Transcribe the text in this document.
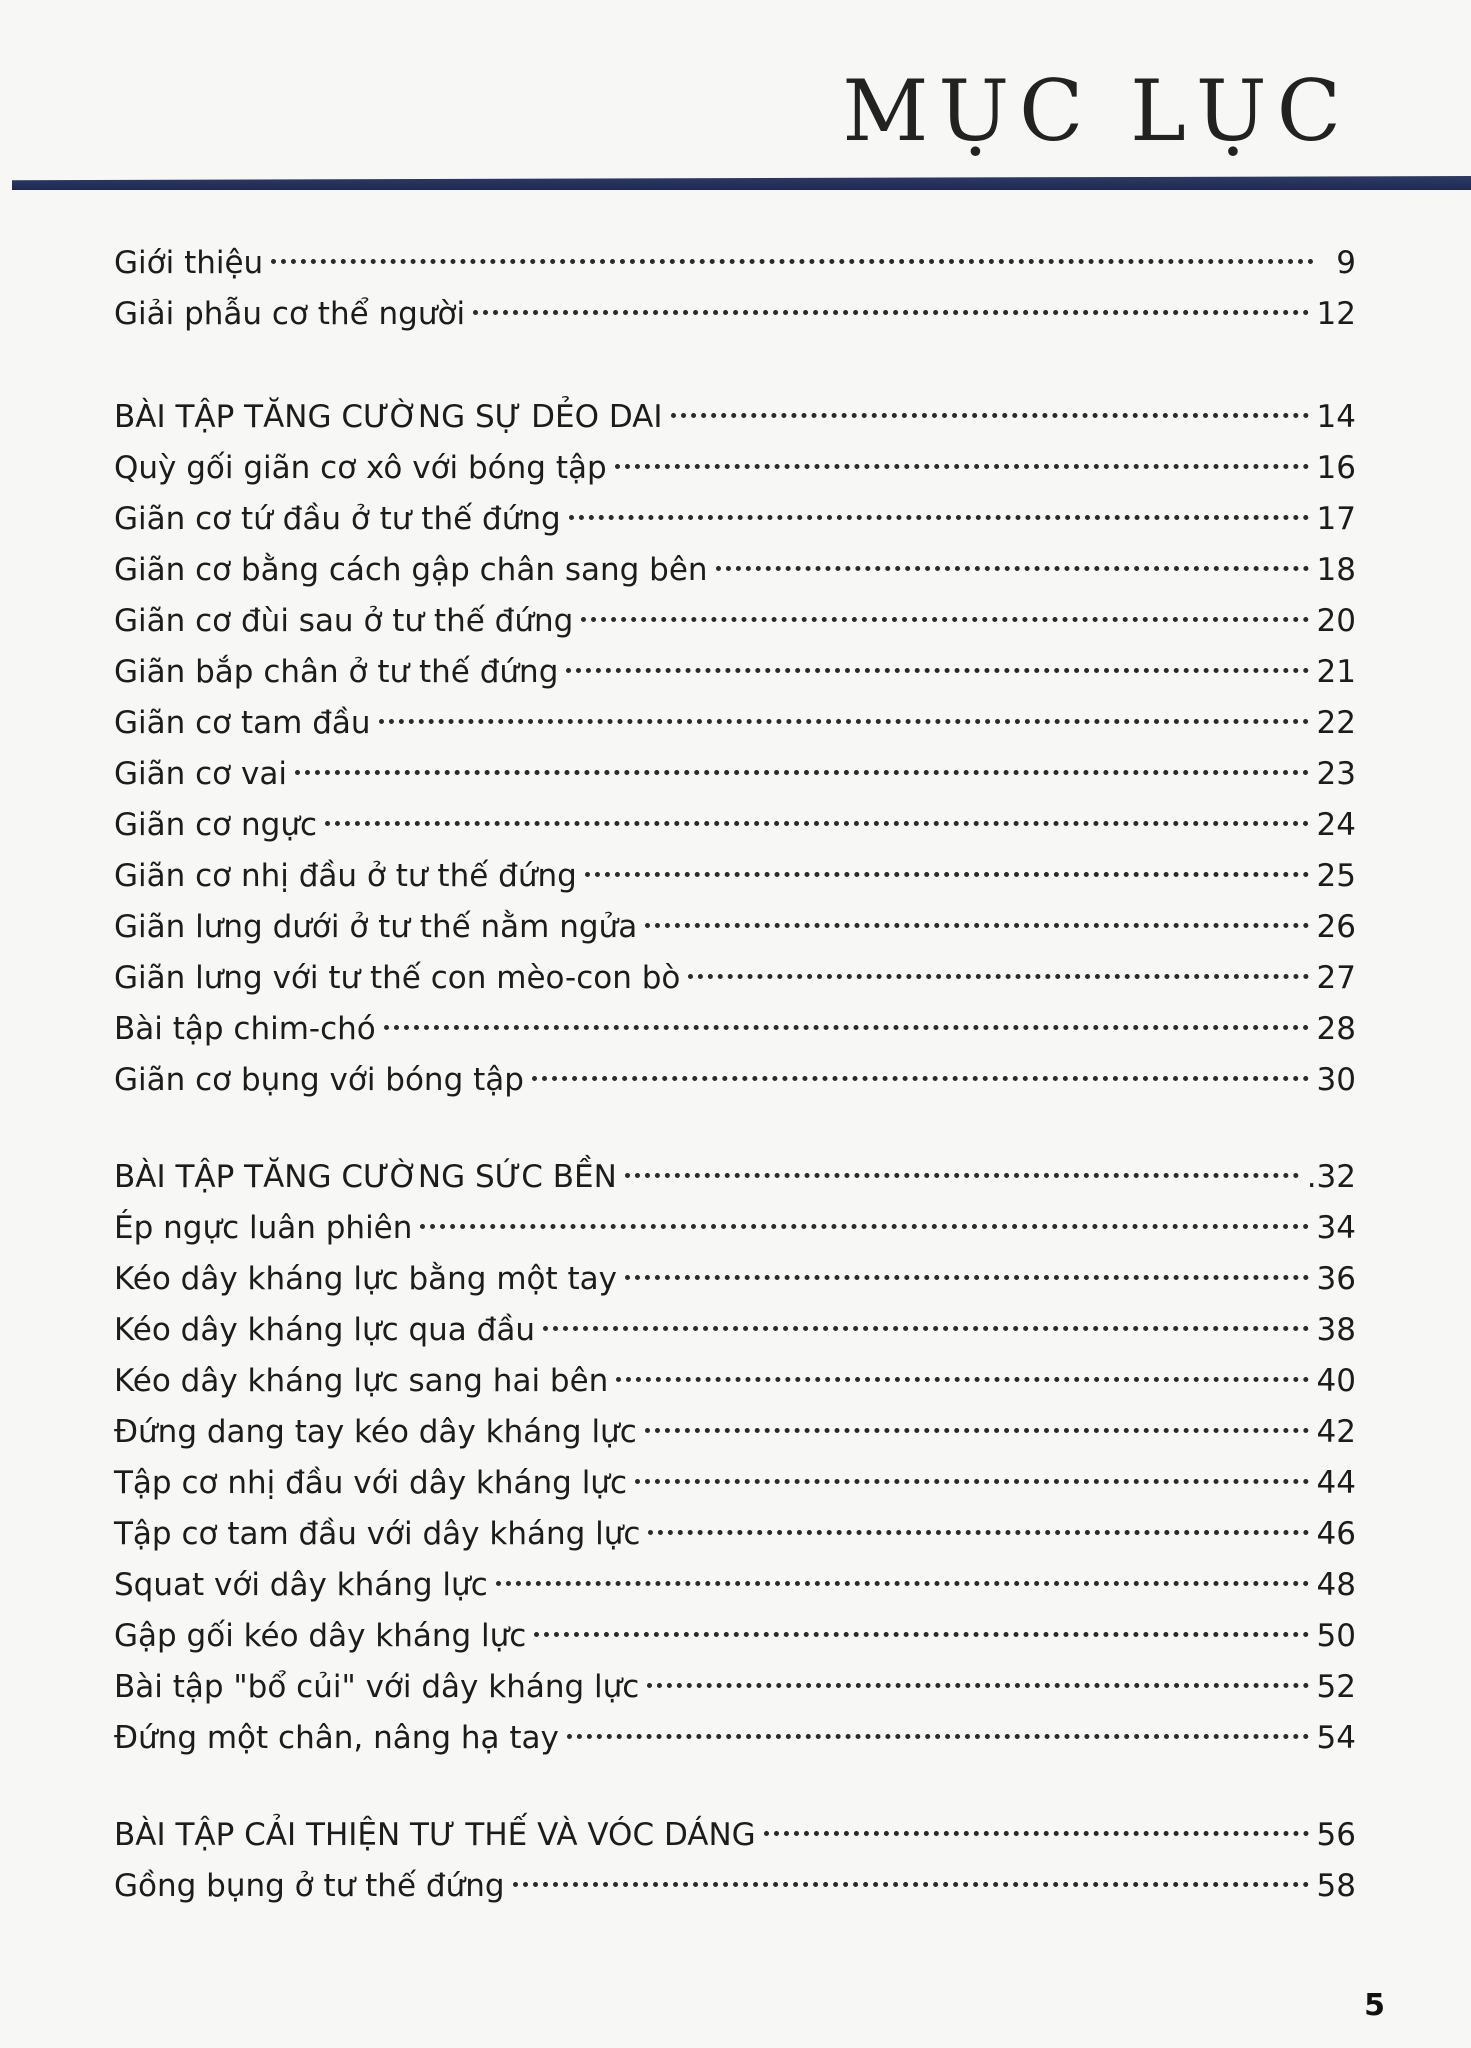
MỤC LỤC
Giới thiệu	9
Giải phẫu cơ thể người	12
BÀI TẬP TĂNG CƯỜNG SỰ DẺO DAI	14
Quỳ gối giãn cơ xô với bóng tập	16
Giãn cơ tứ đầu ở tư thế đứng	17
Giãn cơ bằng cách gập chân sang bên	18
Giãn cơ đùi sau ở tư thế đứng	20
Giãn bắp chân ở tư thế đứng	21
Giãn cơ tam đầu	22
Giãn cơ vai	23
Giãn cơ ngực	24
Giãn cơ nhị đầu ở tư thế đứng	25
Giãn lưng dưới ở tư thế nằm ngửa	26
Giãn lưng với tư thế con mèo-con bò	27
Bài tập chim-chó	28
Giãn cơ bụng với bóng tập	30
BÀI TẬP TĂNG CƯỜNG SỨC BỀN	.32
Ép ngực luân phiên	34
Kéo dây kháng lực bằng một tay	36
Kéo dây kháng lực qua đầu	38
Kéo dây kháng lực sang hai bên	40
Đứng dang tay kéo dây kháng lực	42
Tập cơ nhị đầu với dây kháng lực	44
Tập cơ tam đầu với dây kháng lực	46
Squat với dây kháng lực	48
Gập gối kéo dây kháng lực	50
Bài tập "bổ củi" với dây kháng lực	52
Đứng một chân, nâng hạ tay	54
BÀI TẬP CẢI THIỆN TƯ THẾ VÀ VÓC DÁNG	56
Gồng bụng ở tư thế đứng	58
5
